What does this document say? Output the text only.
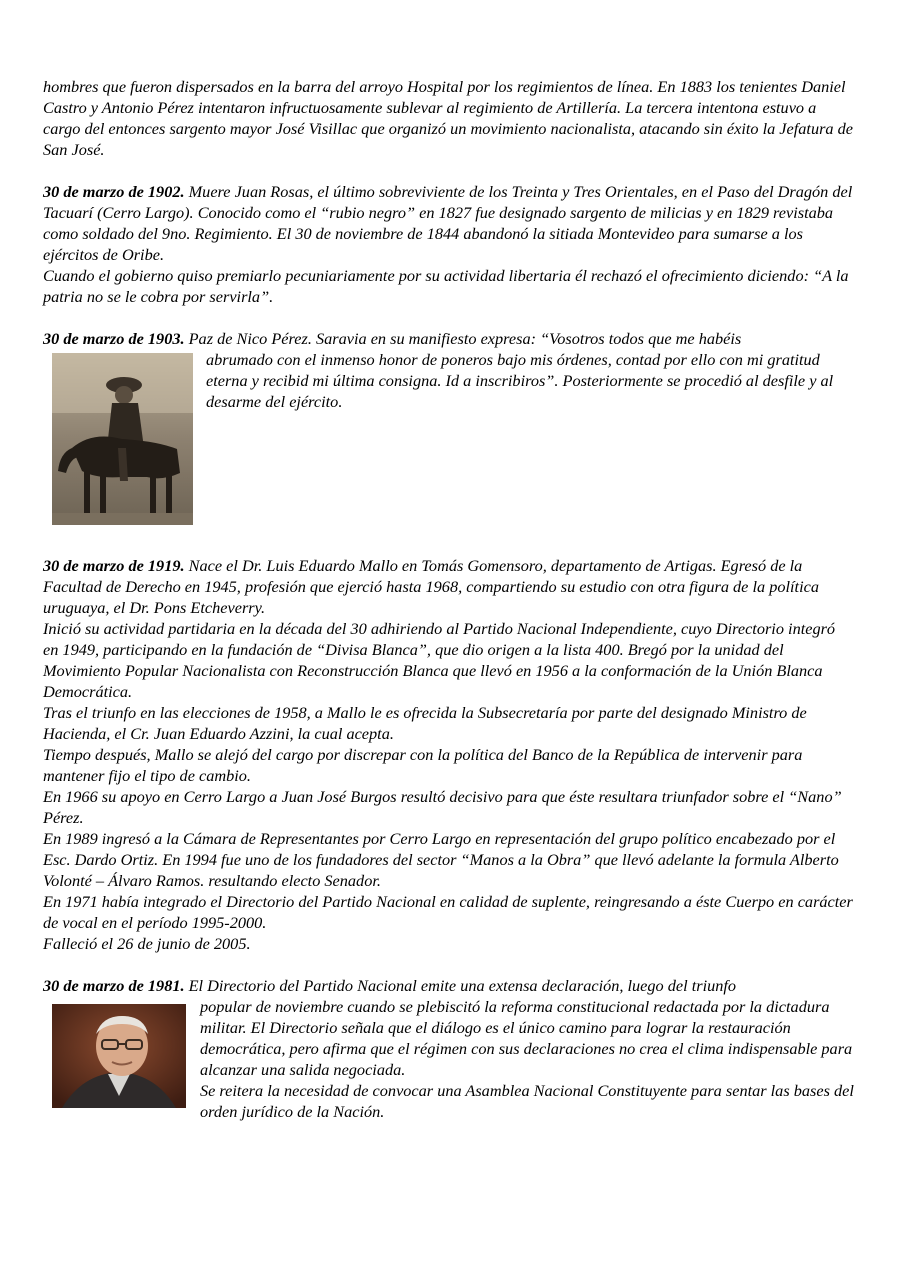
hombres que fueron dispersados en la barra del arroyo Hospital por los regimientos de línea. En 1883 los tenientes Daniel Castro y Antonio Pérez intentaron infructuosamente sublevar al regimiento de Artillería. La tercera intentona estuvo a cargo del entonces sargento mayor José Visillac que organizó un movimiento nacionalista, atacando sin éxito la Jefatura de San José.

30 de marzo de 1902. Muere Juan Rosas, el último sobreviviente de los Treinta y Tres Orientales, en el Paso del Dragón del Tacuarí (Cerro Largo). Conocido como el “rubio negro” en 1827 fue designado sargento de milicias y en 1829 revistaba como soldado del 9no. Regimiento. El 30 de noviembre de 1844 abandonó la sitiada Montevideo para sumarse a los ejércitos de Oribe.

Cuando el gobierno quiso premiarlo pecuniariamente por su actividad libertaria él rechazó el ofrecimiento diciendo: “A la patria no se le cobra por servirla”.

30 de marzo de 1903. Paz de Nico Pérez. Saravia en su manifiesto expresa: “Vosotros todos que me habéis

abrumado con el inmenso honor de poneros bajo mis órdenes, contad por ello con mi gratitud eterna y recibid mi última consigna. Id a inscribiros”. Posteriormente se procedió al desfile y al desarme del ejército.

30 de marzo de 1919. Nace el Dr. Luis Eduardo Mallo en Tomás Gomensoro, departamento de Artigas. Egresó de la Facultad de Derecho en 1945, profesión que ejerció hasta 1968, compartiendo su estudio con otra figura de la política uruguaya, el Dr. Pons Etcheverry.

Inició su actividad partidaria en la década del 30 adhiriendo al Partido Nacional Independiente, cuyo Directorio integró en 1949, participando en la fundación de “Divisa Blanca”, que dio origen a la lista 400. Bregó por la unidad del Movimiento Popular Nacionalista con Reconstrucción Blanca que llevó en 1956 a la conformación de la Unión Blanca Democrática.

Tras el triunfo en las elecciones de 1958, a Mallo le es ofrecida la Subsecretaría por parte del designado Ministro de Hacienda, el Cr. Juan Eduardo Azzini, la cual acepta.

Tiempo después, Mallo se alejó del cargo por discrepar con la política del Banco de la República de intervenir para mantener fijo el tipo de cambio.

En 1966 su apoyo en Cerro Largo a Juan José Burgos resultó decisivo para que éste resultara triunfador sobre el “Nano” Pérez.

En 1989 ingresó a la Cámara de Representantes por Cerro Largo en representación del grupo político encabezado por el Esc. Dardo Ortiz. En 1994 fue uno de los fundadores del sector “Manos a la Obra” que llevó adelante la formula Alberto Volonté – Álvaro Ramos. resultando electo Senador.

En 1971 había integrado el Directorio del Partido Nacional en calidad de suplente, reingresando a éste Cuerpo en carácter de vocal en el período 1995-2000.

Falleció el 26 de junio de 2005.

30 de marzo de 1981. El Directorio del Partido Nacional emite una extensa declaración, luego del triunfo

popular de noviembre cuando se plebiscitó la reforma constitucional redactada por la dictadura militar. El Directorio señala que el diálogo es el único camino para lograr la restauración democrática, pero afirma que el régimen con sus declaraciones no crea el clima indispensable para alcanzar una salida negociada.

Se reitera la necesidad de convocar una Asamblea Nacional Constituyente para sentar las bases del orden jurídico de la Nación.
